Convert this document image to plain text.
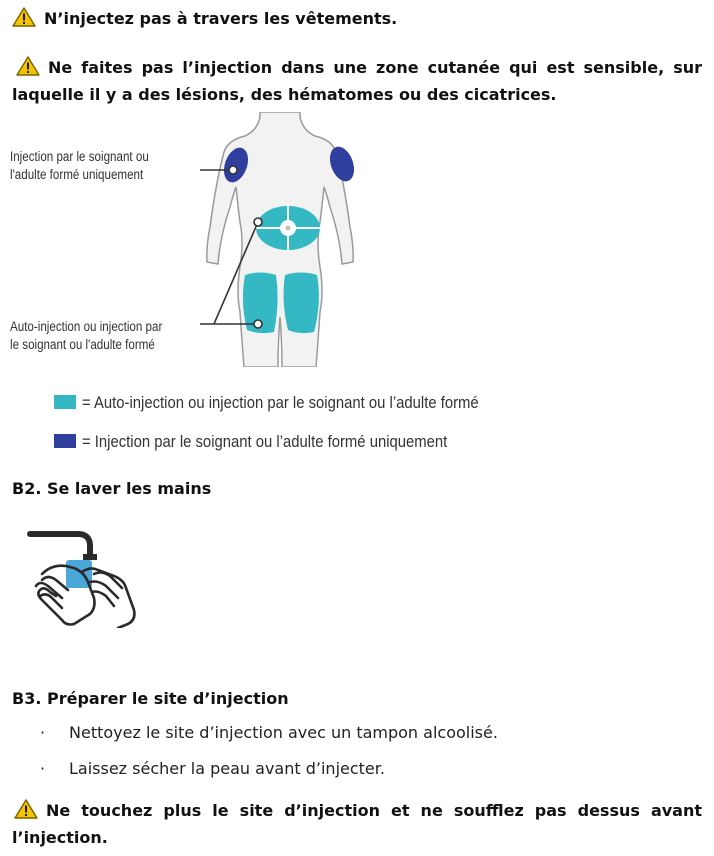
N’injectez pas à travers les vêtements.
Ne faites pas l’injection dans une zone cutanée qui est sensible, sur laquelle il y a des lésions, des hématomes ou des cicatrices.
Injection par le soignant ou
l'adulte formé uniquement
Auto-injection ou injection par
le soignant ou l'adulte formé
= Auto-injection ou injection par le soignant ou l’adulte formé
= Injection par le soignant ou l’adulte formé uniquement
B2. Se laver les mains
B3. Préparer le site d’injection
· Nettoyez le site d’injection avec un tampon alcoolisé.
· Laissez sécher la peau avant d’injecter.
Ne touchez plus le site d’injection et ne soufflez pas dessus avant l’injection.
